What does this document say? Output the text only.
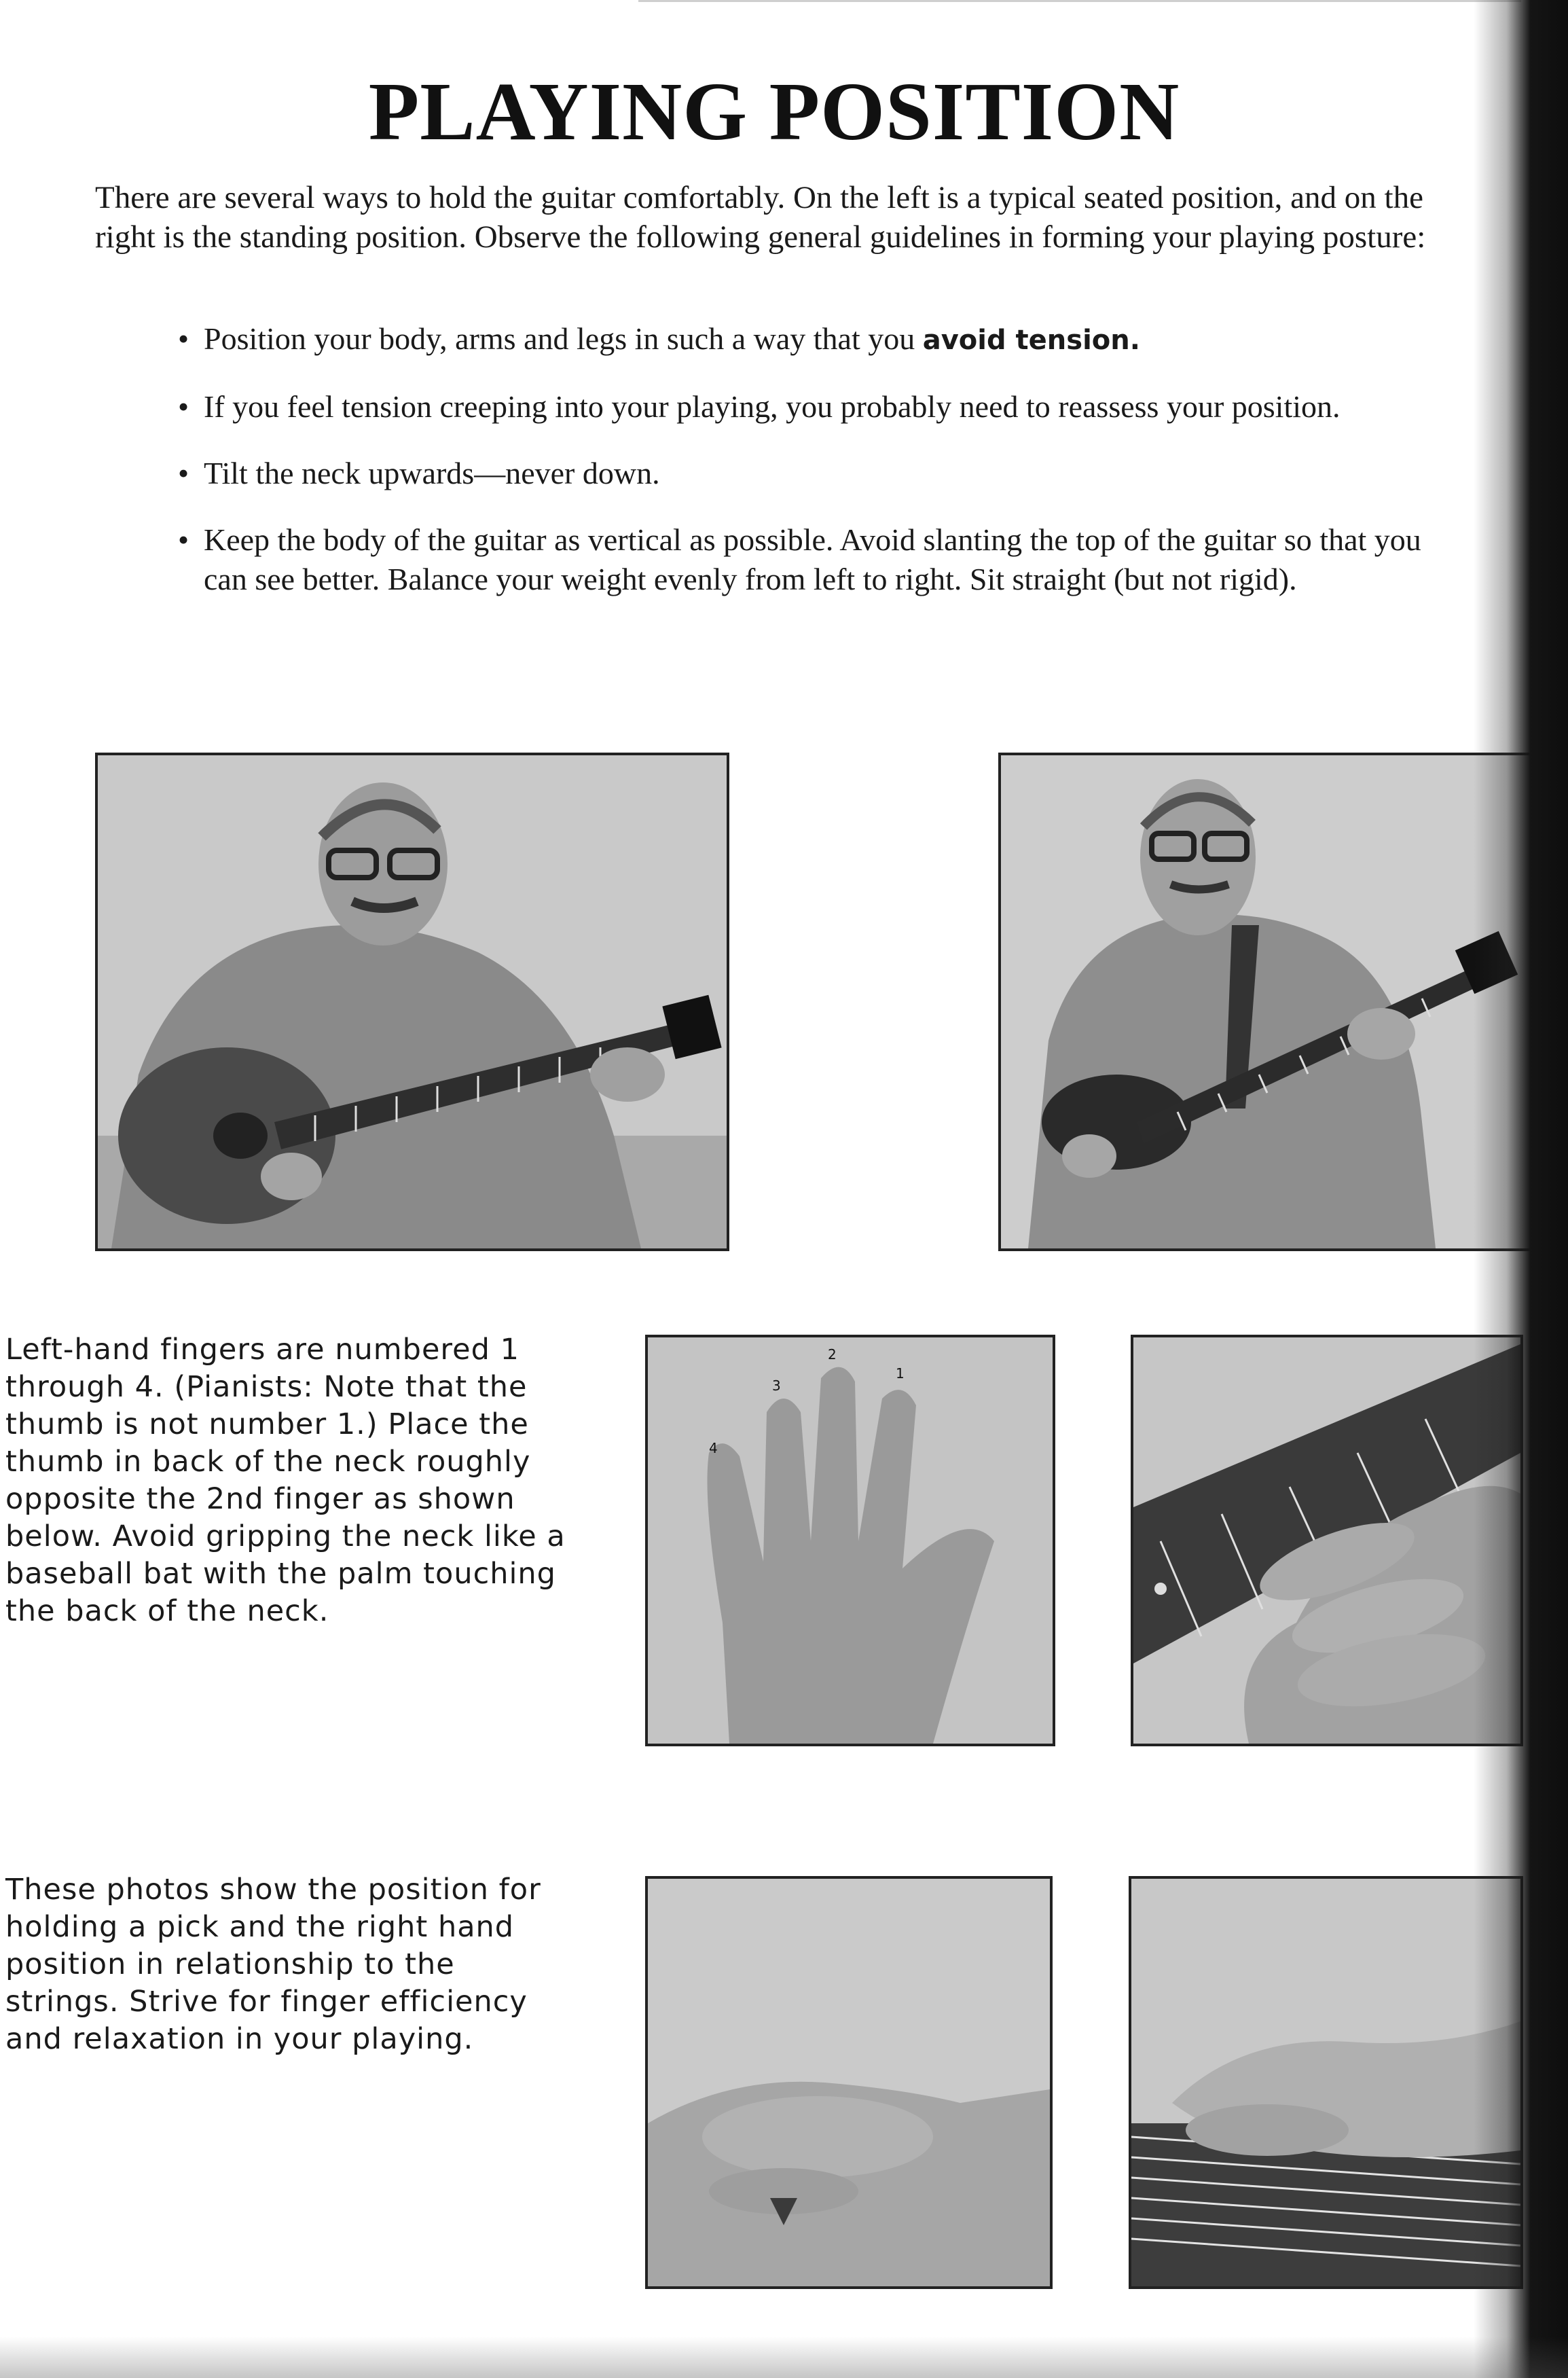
PLAYING POSITION

There are several ways to hold the guitar comfortably. On the left is a typical seated position, and on the right is the standing position. Observe the following general guidelines in forming your playing posture:

• Position your body, arms and legs in such a way that you avoid tension.
• If you feel tension creeping into your playing, you probably need to reassess your position.
• Tilt the neck upwards—never down.
• Keep the body of the guitar as vertical as possible. Avoid slanting the top of the guitar so that you can see better. Balance your weight evenly from left to right. Sit straight (but not rigid).

Left-hand fingers are numbered 1 through 4. (Pianists: Note that the thumb is not number 1.) Place the thumb in back of the neck roughly opposite the 2nd finger as shown below. Avoid gripping the neck like a baseball bat with the palm touching the back of the neck.

1
2
3
4

These photos show the position for holding a pick and the right hand position in relationship to the strings. Strive for finger efficiency and relaxation in your playing.
